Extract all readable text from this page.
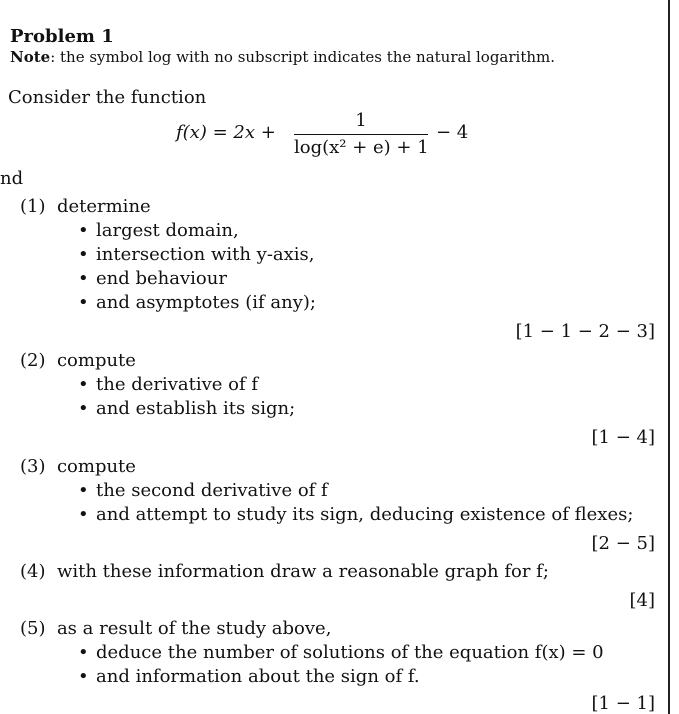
Problem 1
Note: the symbol log with no subscript indicates the natural logarithm.
Consider the function
f(x) = 2x +
1
log(x² + e) + 1
− 4
nd
(1) determine
• largest domain,
• intersection with y-axis,
• end behaviour
• and asymptotes (if any);
[1 − 1 − 2 − 3]
(2) compute
• the derivative of f
• and establish its sign;
[1 − 4]
(3) compute
• the second derivative of f
• and attempt to study its sign, deducing existence of flexes;
[2 − 5]
(4) with these information draw a reasonable graph for f;
[4]
(5) as a result of the study above,
• deduce the number of solutions of the equation f(x) = 0
• and information about the sign of f.
[1 − 1]
